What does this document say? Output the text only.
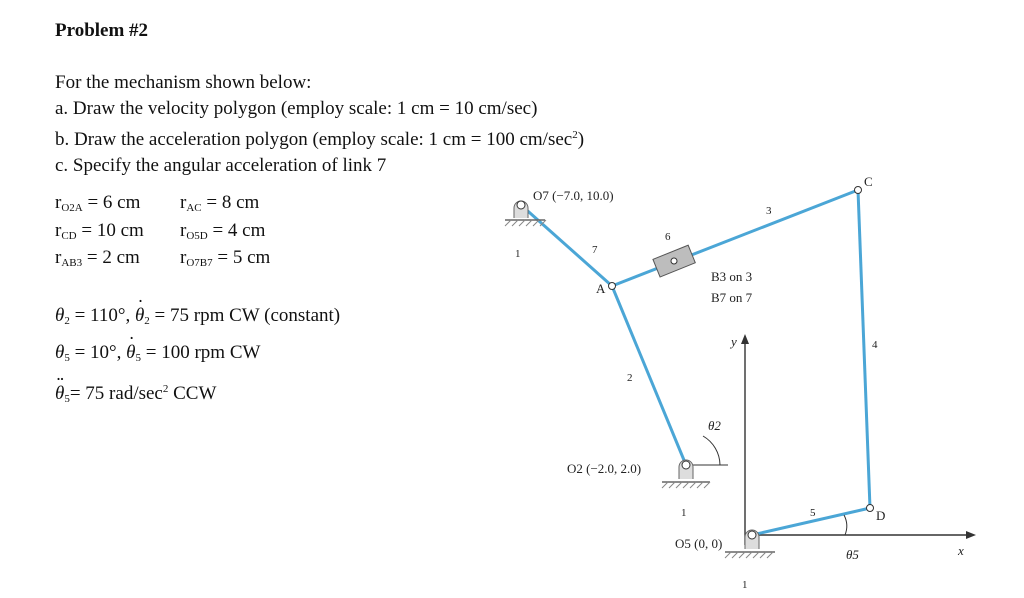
Problem #2
For the mechanism shown below:
a. Draw the velocity polygon (employ scale: 1 cm = 10 cm/sec)
b. Draw the acceleration polygon (employ scale: 1 cm = 100 $cm/\sec^2$)
c. Specify the angular acceleration of link 7
$r_{O2A} = 6$ cm $r_{AC} = 8$ cm
$r_{CD} = 10$ cm $r_{O5D} = 4$ cm
$r_{AB3} = 2$ cm $r_{O7B7} = 5$ cm
$\theta_2 = 110^\circ$, · $\theta_2 = 75$ rpm CW (constant)
$\theta_5 = 10^\circ$, · $\theta_5 = 100$ rpm CW
·· $\theta_5= 75$ rad/$\sec^2$ CCW
y
x
O7 (−7.0, 10.0)
O2 (−2.0, 2.0)
O5 (0, 0)
B3 on 3
B7 on 7
1	7
6
3
4
2
5
1
1
A
C
D
θ2
θ5
